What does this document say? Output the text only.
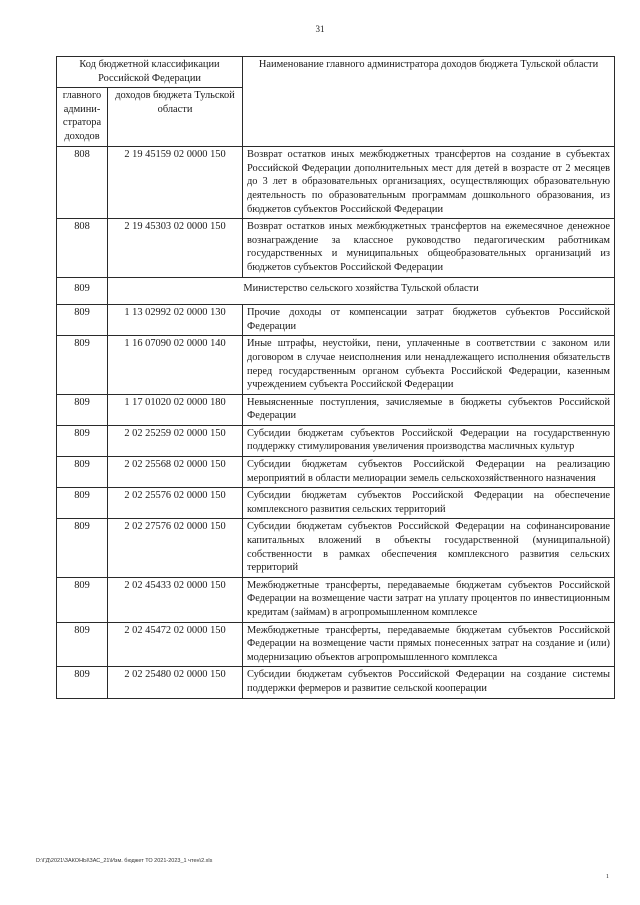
31
Код бюджетной классификации Российской Федерации		Наименование главного администратора доходов бюджета Тульской области
главного админи-стратора доходов	доходов бюджета Тульской области	
808	2 19 45159 02 0000 150	Возврат остатков иных межбюджетных трансфертов на создание в субъектах Российской Федерации дополнительных мест для детей в возрасте от 2 месяцев до 3 лет в образовательных организациях, осуществляющих образовательную деятельность по образовательным программам дошкольного образования, из бюджетов субъектов Российской Федерации
808	2 19 45303 02 0000 150	Возврат остатков иных межбюджетных трансфертов на ежемесячное денежное вознаграждение за классное руководство педагогическим работникам государственных и муниципальных общеобразовательных организаций из бюджетов субъектов Российской Федерации
809	Министерство сельского хозяйства Тульской области	
809	1 13 02992 02 0000 130	Прочие доходы от компенсации затрат бюджетов субъектов Российской Федерации
809	1 16 07090 02 0000 140	Иные штрафы, неустойки, пени, уплаченные в соответствии с законом или договором в случае неисполнения или ненадлежащего исполнения обязательств перед государственным органом субъекта Российской Федерации, казенным учреждением субъекта Российской Федерации
809	1 17 01020 02 0000 180	Невыясненные поступления, зачисляемые в бюджеты субъектов Российской Федерации
809	2 02 25259 02 0000 150	Субсидии бюджетам субъектов Российской Федерации на государственную поддержку стимулирования увеличения производства масличных культур
809	2 02 25568 02 0000 150	Субсидии бюджетам субъектов Российской Федерации на реализацию мероприятий в области мелиорации земель сельскохозяйственного назначения
809	2 02 25576 02 0000 150	Субсидии бюджетам субъектов Российской Федерации на обеспечение комплексного развития сельских территорий
809	2 02 27576 02 0000 150	Субсидии бюджетам субъектов Российской Федерации на софинансирование капитальных вложений в объекты государственной (муниципальной) собственности в рамках обеспечения комплексного развития сельских территорий
809	2 02 45433 02 0000 150	Межбюджетные трансферты, передаваемые бюджетам субъектов Российской Федерации на возмещение части затрат на уплату процентов по инвестиционным кредитам (займам) в агропромышленном комплексе
809	2 02 45472 02 0000 150	Межбюджетные трансферты, передаваемые бюджетам субъектов Российской Федерации на возмещение части прямых понесенных затрат на создание и (или) модернизацию объектов агропромышленного комплекса
809	2 02 25480 02 0000 150	Субсидии бюджетам субъектов Российской Федерации на создание системы поддержки фермеров и развитие сельской кооперации
D:\ГД\2021\ЗАКОНЫ\ЗАС_21\Изм. бюджет ТО 2021-2023_1 чтен\2.xls
1
